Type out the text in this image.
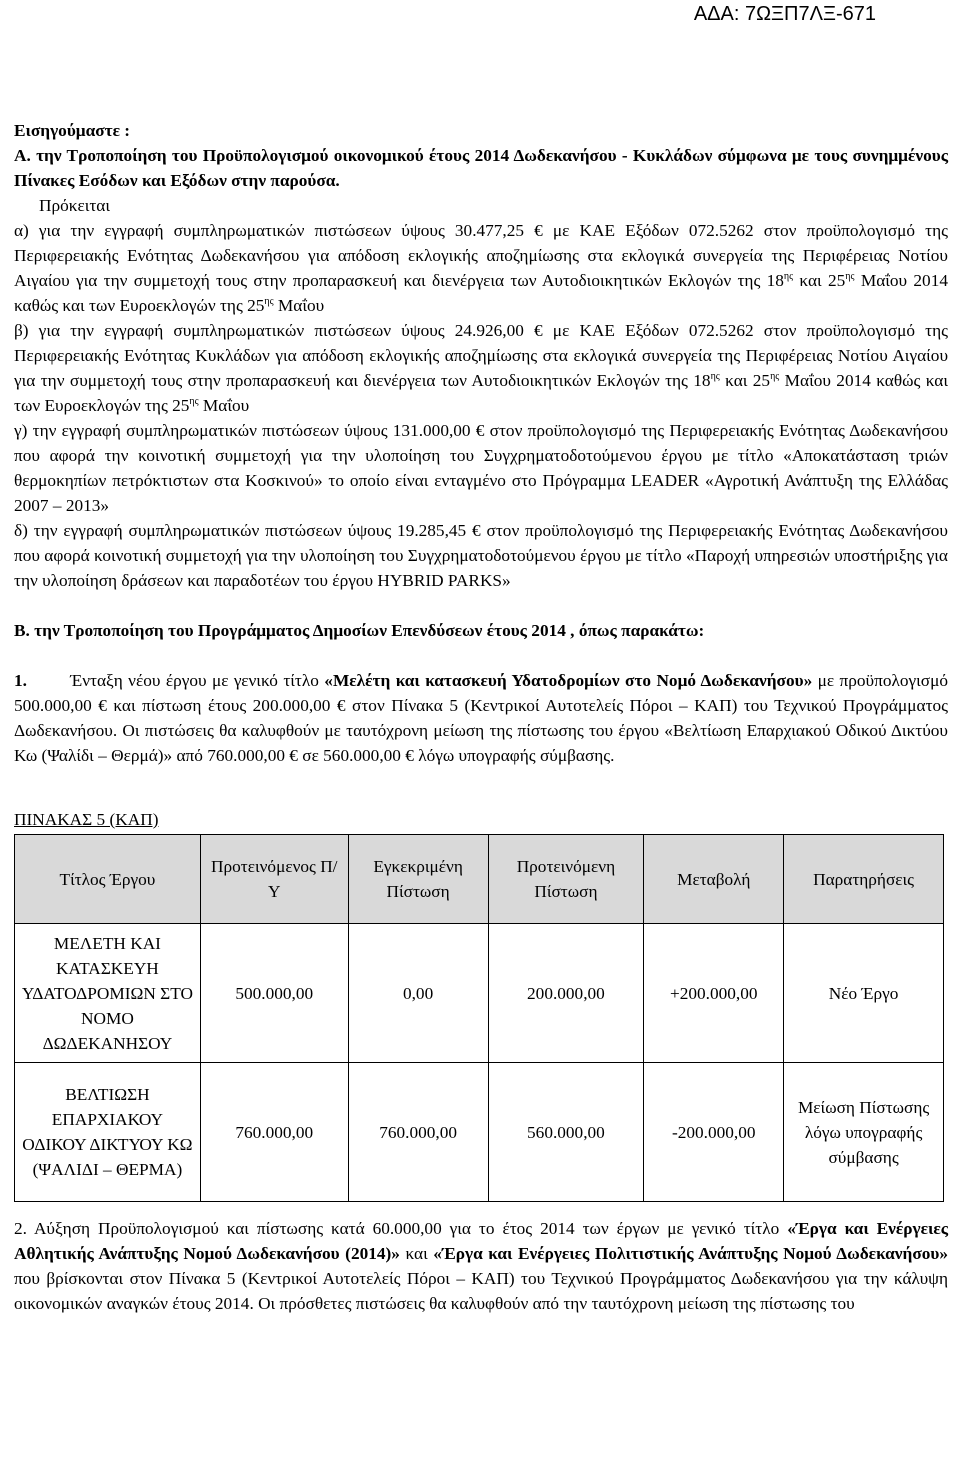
ΑΔΑ: 7ΩΞΠ7ΛΞ-671

Εισηγούμαστε :

Α. την Τροποποίηση του Προϋπολογισμού οικονομικού έτους 2014 Δωδεκανήσου - Κυκλάδων σύμφωνα με τους συνημμένους Πίνακες Εσόδων και Εξόδων στην παρούσα.

Πρόκειται

α) για την εγγραφή συμπληρωματικών πιστώσεων ύψους 30.477,25 € με ΚΑΕ Εξόδων 072.5262 στον προϋπολογισμό της Περιφερειακής Ενότητας Δωδεκανήσου για απόδοση εκλογικής αποζημίωσης στα εκλογικά συνεργεία της Περιφέρειας Νοτίου Αιγαίου για την συμμετοχή τους στην προπαρασκευή και διενέργεια των Αυτοδιοικητικών Εκλογών της $18^{\eta\varsigma}$ και $25^{\eta\varsigma}$ Μαΐου 2014 καθώς και των Ευροεκλογών της $25^{\eta\varsigma}$ Μαΐου

β) για την εγγραφή συμπληρωματικών πιστώσεων ύψους 24.926,00 € με ΚΑΕ Εξόδων 072.5262 στον προϋπολογισμό της Περιφερειακής Ενότητας Κυκλάδων για απόδοση εκλογικής αποζημίωσης στα εκλογικά συνεργεία της Περιφέρειας Νοτίου Αιγαίου για την συμμετοχή τους στην προπαρασκευή και διενέργεια των Αυτοδιοικητικών Εκλογών της $18^{\eta\varsigma}$ και $25^{\eta\varsigma}$ Μαΐου 2014 καθώς και των Ευροεκλογών της $25^{\eta\varsigma}$ Μαΐου

γ) την εγγραφή συμπληρωματικών πιστώσεων ύψους 131.000,00 € στον προϋπολογισμό της Περιφερειακής Ενότητας Δωδεκανήσου που αφορά την κοινοτική συμμετοχή για την υλοποίηση του Συγχρηματοδοτούμενου έργου με τίτλο «Αποκατάσταση τριών θερμοκηπίων πετρόκτιστων στα Κοσκινού» το οποίο είναι ενταγμένο στο Πρόγραμμα LEADER «Αγροτική Ανάπτυξη της Ελλάδας 2007 – 2013»

δ) την εγγραφή συμπληρωματικών πιστώσεων ύψους 19.285,45 € στον προϋπολογισμό της Περιφερειακής Ενότητας Δωδεκανήσου που αφορά κοινοτική συμμετοχή για την υλοποίηση του Συγχρηματοδοτούμενου έργου με τίτλο «Παροχή υπηρεσιών υποστήριξης για την υλοποίηση δράσεων και παραδοτέων του έργου HYBRID PARKS»

Β. την Τροποποίηση του Προγράμματος Δημοσίων Επενδύσεων έτους 2014 , όπως παρακάτω:

1.	Ένταξη νέου έργου με γενικό τίτλο «Μελέτη και κατασκευή Υδατοδρομίων στο Νομό Δωδεκανήσου» με προϋπολογισμό 500.000,00 € και πίστωση έτους 200.000,00 € στον Πίνακα 5 (Κεντρικοί Αυτοτελείς Πόροι – ΚΑΠ) του Τεχνικού Προγράμματος Δωδεκανήσου. Οι πιστώσεις θα καλυφθούν με ταυτόχρονη μείωση της πίστωσης του έργου «Βελτίωση Επαρχιακού Οδικού Δικτύου Κω (Ψαλίδι – Θερμά)» από 760.000,00 € σε 560.000,00 € λόγω υπογραφής σύμβασης.

ΠΙΝΑΚΑΣ 5 (ΚΑΠ)

Τίτλος Έργου	Προτεινόμενος Π/Υ	Εγκεκριμένη Πίστωση	Προτεινόμενη Πίστωση	Μεταβολή	Παρατηρήσεις
ΜΕΛΕΤΗ ΚΑΙ ΚΑΤΑΣΚΕΥΗ ΥΔΑΤΟΔΡΟΜΙΩΝ ΣΤΟ ΝΟΜΟ ΔΩΔΕΚΑΝΗΣΟΥ	500.000,00	0,00	200.000,00	+200.000,00	Νέο Έργο
ΒΕΛΤΙΩΣΗ ΕΠΑΡΧΙΑΚΟΥ ΟΔΙΚΟΥ ΔΙΚΤΥΟΥ ΚΩ (ΨΑΛΙΔΙ – ΘΕΡΜΑ)	760.000,00	760.000,00	560.000,00	-200.000,00	Μείωση Πίστωσης λόγω υπογραφής σύμβασης

2. Αύξηση Προϋπολογισμού και πίστωσης κατά 60.000,00 για το έτος 2014 των έργων με γενικό τίτλο «Έργα και Ενέργειες Αθλητικής Ανάπτυξης Νομού Δωδεκανήσου (2014)» και «Έργα και Ενέργειες Πολιτιστικής Ανάπτυξης Νομού Δωδεκανήσου» που βρίσκονται στον Πίνακα 5 (Κεντρικοί Αυτοτελείς Πόροι – ΚΑΠ) του Τεχνικού Προγράμματος Δωδεκανήσου για την κάλυψη οικονομικών αναγκών έτους 2014. Οι πρόσθετες πιστώσεις θα καλυφθούν από την ταυτόχρονη μείωση της πίστωσης του
